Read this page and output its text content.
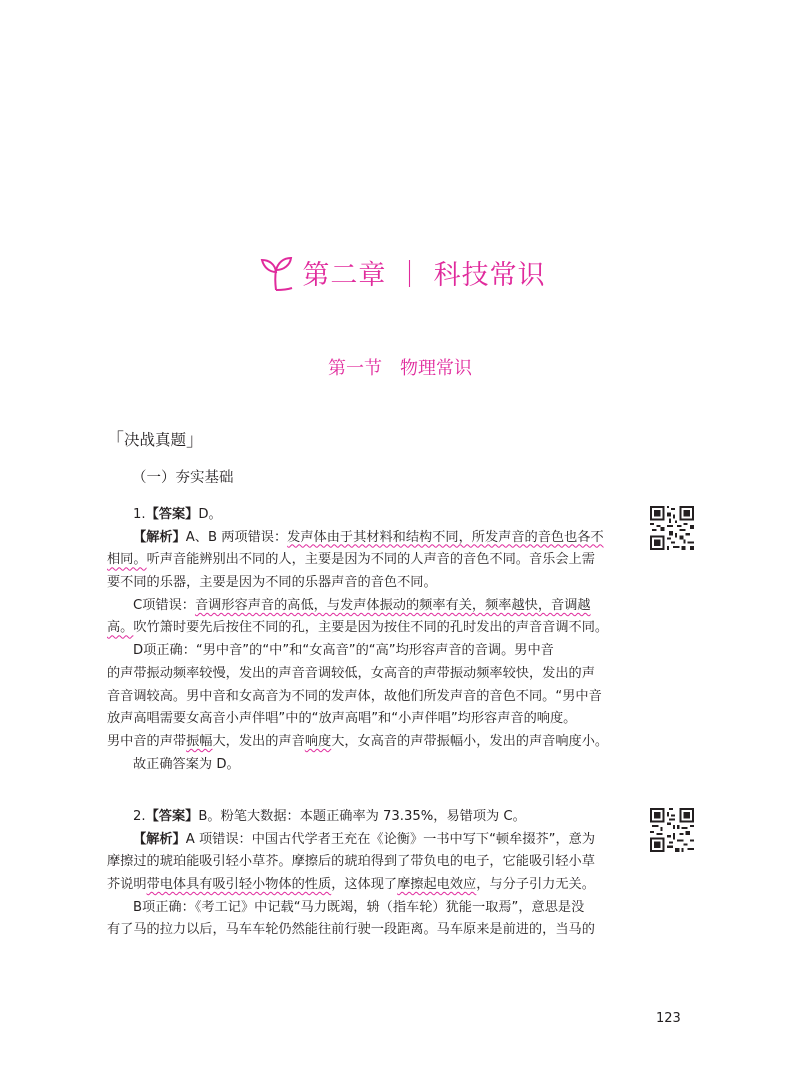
第二章 ｜ 科技常识
第一节　物理常识
「 决战真题 」
（一）夯实基础
1.【答案】D。
【解析】A、B 两项错误：发声体由于其材料和结构不同，所发声音的音色也各不
相同。听声音能辨别出不同的人，主要是因为不同的人声音的音色不同。音乐会上需
要不同的乐器，主要是因为不同的乐器声音的音色不同。
C项错误：音调形容声音的高低，与发声体振动的频率有关，频率越快，音调越
高。吹竹箫时要先后按住不同的孔，主要是因为按住不同的孔时发出的声音音调不同。
D项正确：“男中音”的“中”和“女高音”的“高”均形容声音的音调。男中音
的声带振动频率较慢，发出的声音音调较低，女高音的声带振动频率较快，发出的声
音音调较高。男中音和女高音为不同的发声体，故他们所发声音的音色不同。“男中音
放声高唱需要女高音小声伴唱”中的“放声高唱”和“小声伴唱”均形容声音的响度。
男中音的声带振幅大，发出的声音响度大，女高音的声带振幅小，发出的声音响度小。
故正确答案为 D。
2.【答案】B。粉笔大数据：本题正确率为 73.35%，易错项为 C。
【解析】A 项错误：中国古代学者王充在《论衡》一书中写下“顿牟掇芥”，意为
摩擦过的琥珀能吸引轻小草芥。摩擦后的琥珀得到了带负电的电子，它能吸引轻小草
芥说明带电体具有吸引轻小物体的性质，这体现了摩擦起电效应，与分子引力无关。
B项正确：《考工记》中记载“马力既竭，辀（指车轮）犹能一取焉”，意思是没
有了马的拉力以后，马车车轮仍然能往前行驶一段距离。马车原来是前进的，当马的
123
